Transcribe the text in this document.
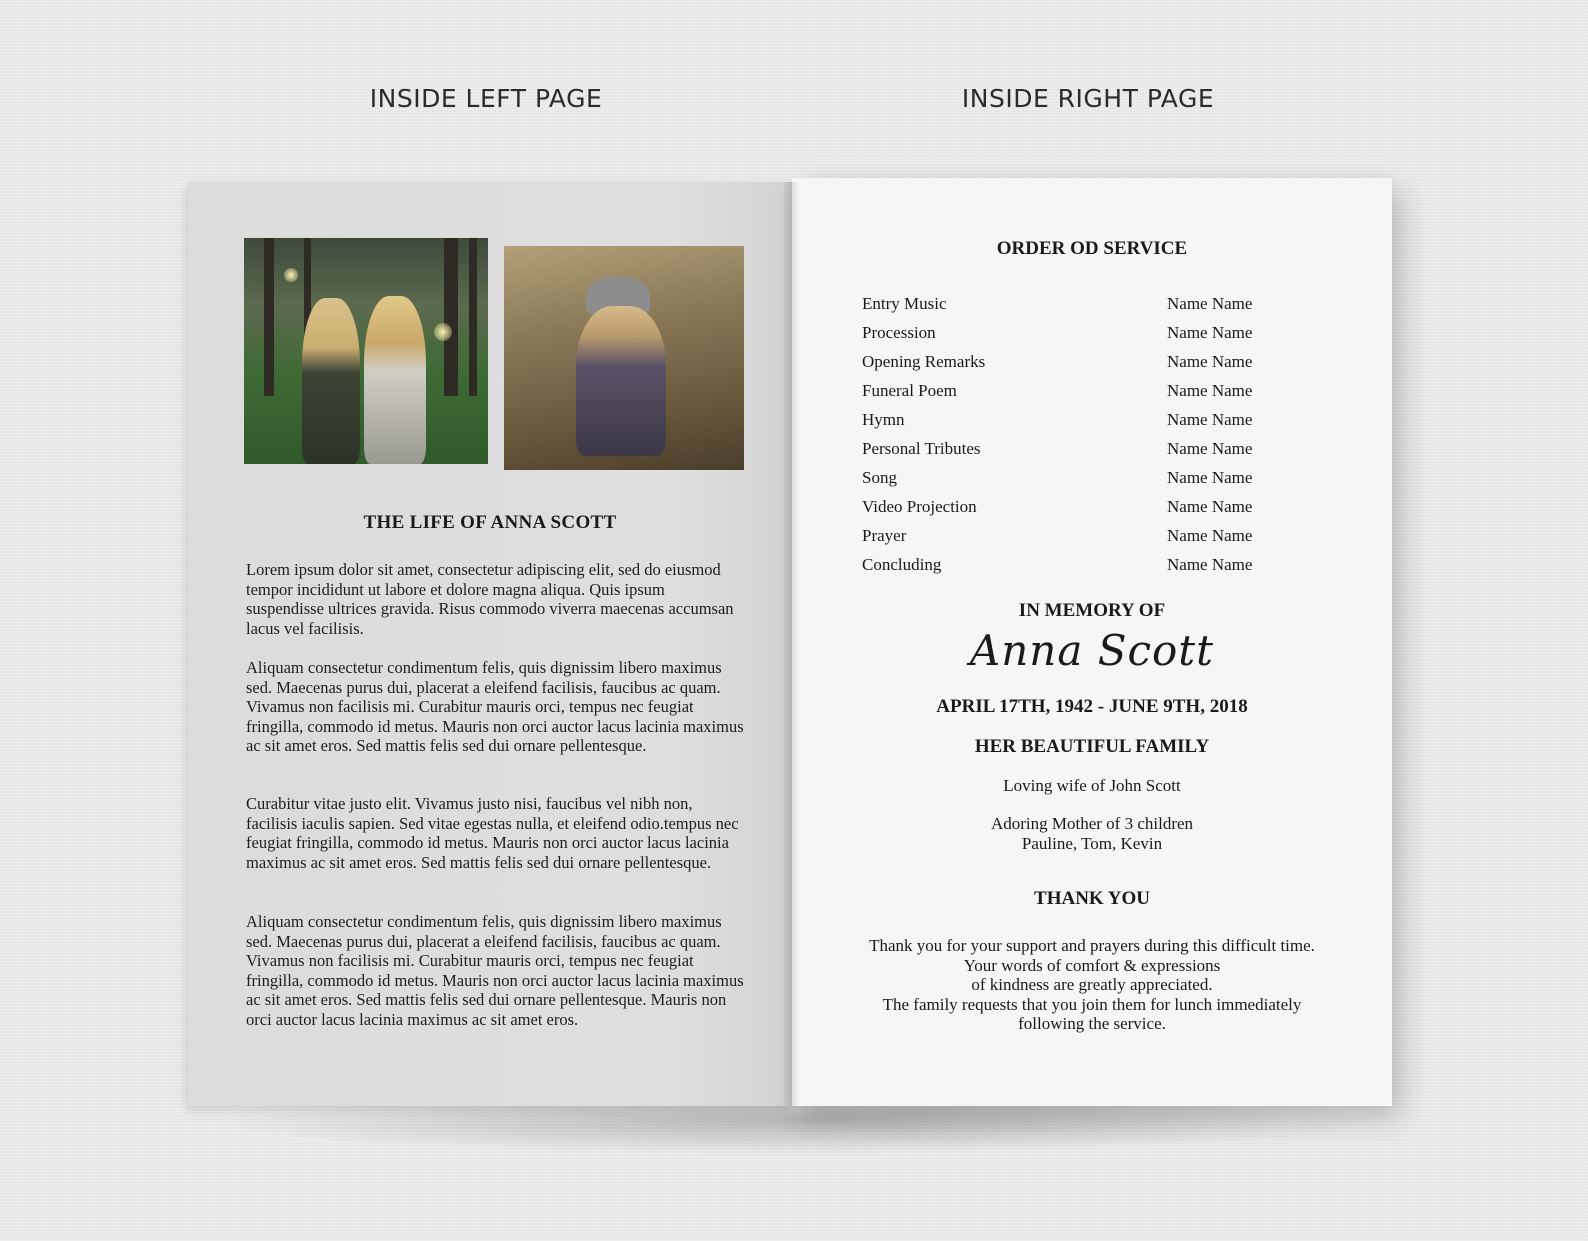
INSIDE LEFT PAGE	INSIDE RIGHT PAGE
THE LIFE OF ANNA SCOTT
Lorem ipsum dolor sit amet, consectetur adipiscing elit, sed do eiusmod tempor incididunt ut labore et dolore magna aliqua. Quis ipsum suspendisse ultrices gravida. Risus commodo viverra maecenas accumsan lacus vel facilisis.
Aliquam consectetur condimentum felis, quis dignissim libero maximus sed. Maecenas purus dui, placerat a eleifend facilisis, faucibus ac quam. Vivamus non facilisis mi. Curabitur mauris orci, tempus nec feugiat fringilla, commodo id metus. Mauris non orci auctor lacus lacinia maximus ac sit amet eros. Sed mattis felis sed dui ornare pellentesque.
Curabitur vitae justo elit. Vivamus justo nisi, faucibus vel nibh non, facilisis iaculis sapien. Sed vitae egestas nulla, et eleifend odio.tempus nec feugiat fringilla, commodo id metus. Mauris non orci auctor lacus lacinia maximus ac sit amet eros. Sed mattis felis sed dui ornare pellentesque.
Aliquam consectetur condimentum felis, quis dignissim libero maximus sed. Maecenas purus dui, placerat a eleifend facilisis, faucibus ac quam. Vivamus non facilisis mi. Curabitur mauris orci, tempus nec feugiat fringilla, commodo id metus. Mauris non orci auctor lacus lacinia maximus ac sit amet eros. Sed mattis felis sed dui ornare pellentesque. Mauris non orci auctor lacus lacinia maximus ac sit amet eros.
ORDER OD SERVICE
Entry Music	Name Name
Procession	Name Name
Opening Remarks	Name Name
Funeral Poem	Name Name
Hymn	Name Name
Personal Tributes	Name Name
Song	Name Name
Video Projection	Name Name
Prayer	Name Name
Concluding	Name Name
IN MEMORY OF
Anna Scott
APRIL 17TH, 1942 - JUNE 9TH, 2018
HER BEAUTIFUL FAMILY
Loving wife of John Scott
Adoring Mother of 3 children
Pauline, Tom, Kevin
THANK YOU
Thank you for your support and prayers during this difficult time.
Your words of comfort & expressions
of kindness are greatly appreciated.
The family requests that you join them for lunch immediately
following the service.
